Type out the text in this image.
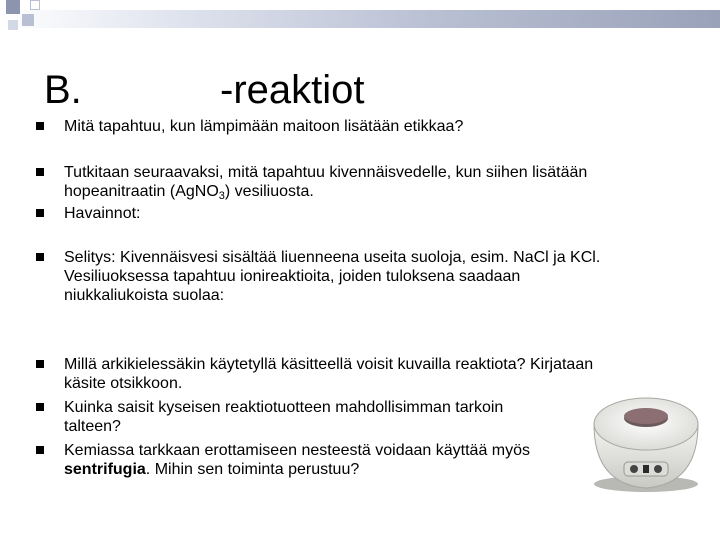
B.	-reaktiot
Mitä tapahtuu, kun lämpimään maitoon lisätään etikkaa?
Tutkitaan seuraavaksi, mitä tapahtuu kivennäisvedelle, kun siihen lisätään
hopeanitraatin (AgNO$_3$) vesiliuosta.
Havainnot:
Selitys: Kivennäisvesi sisältää liuenneena useita suoloja, esim. NaCl ja KCl.
Vesiliuoksessa tapahtuu ionireaktioita, joiden tuloksena saadaan
niukkaliukoista suolaa:
Millä arkikielessäkin käytetyllä käsitteellä voisit kuvailla reaktiota? Kirjataan
käsite otsikkoon.
Kuinka saisit kyseisen reaktiotuotteen mahdollisimman tarkoin
talteen?
Kemiassa tarkkaan erottamiseen nesteestä voidaan käyttää myös
sentrifugia. Mihin sen toiminta perustuu?
